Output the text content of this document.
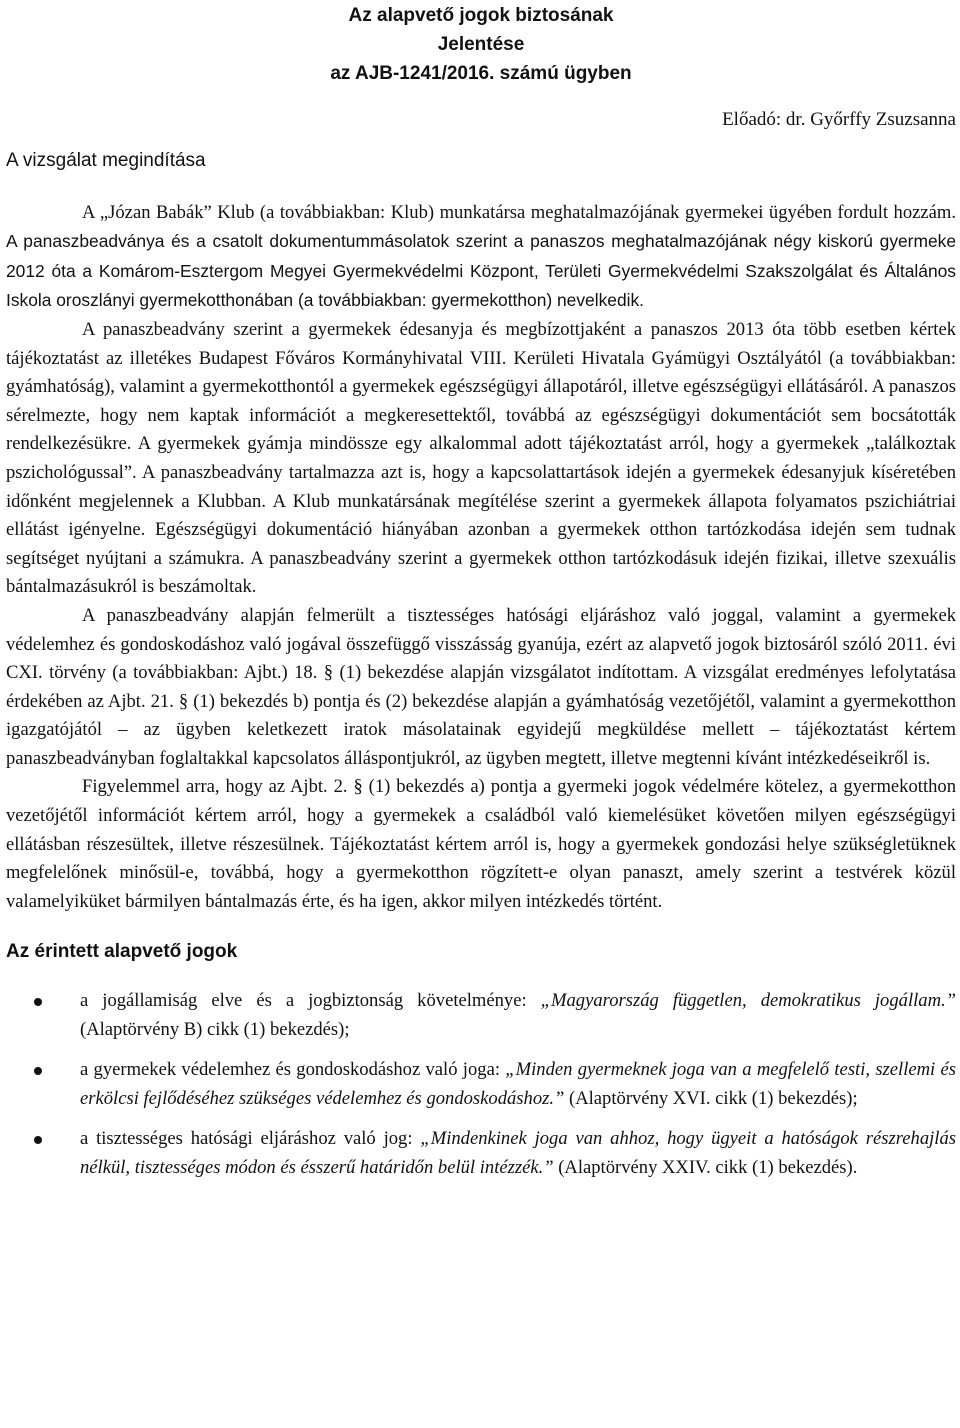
Az alapvető jogok biztosának
Jelentése
az AJB-1241/2016. számú ügyben
Előadó: dr. Győrffy Zsuzsanna
A vizsgálat megindítása

A „Józan Babák” Klub (a továbbiakban: Klub) munkatársa meghatalmazójának gyermekei ügyében fordult hozzám. A panaszbeadványa és a csatolt dokumentummásolatok szerint a panaszos meghatalmazójának négy kiskorú gyermeke 2012 óta a Komárom-Esztergom Megyei Gyermekvédelmi Központ, Területi Gyermekvédelmi Szakszolgálat és Általános Iskola oroszlányi gyermekotthonában (a továbbiakban: gyermekotthon) nevelkedik.

A panaszbeadvány szerint a gyermekek édesanyja és megbízottjaként a panaszos 2013 óta több esetben kértek tájékoztatást az illetékes Budapest Főváros Kormányhivatal VIII. Kerületi Hivatala Gyámügyi Osztályától (a továbbiakban: gyámhatóság), valamint a gyermekotthontól a gyermekek egészségügyi állapotáról, illetve egészségügyi ellátásáról. A panaszos sérelmezte, hogy nem kaptak információt a megkeresettektől, továbbá az egészségügyi dokumentációt sem bocsátották rendelkezésükre. A gyermekek gyámja mindössze egy alkalommal adott tájékoztatást arról, hogy a gyermekek „találkoztak pszichológussal”. A panaszbeadvány tartalmazza azt is, hogy a kapcsolattartások idején a gyermekek édesanyjuk kíséretében időnként megjelennek a Klubban. A Klub munkatársának megítélése szerint a gyermekek állapota folyamatos pszichiátriai ellátást igényelne. Egészségügyi dokumentáció hiányában azonban a gyermekek otthon tartózkodása idején sem tudnak segítséget nyújtani a számukra. A panaszbeadvány szerint a gyermekek otthon tartózkodásuk idején fizikai, illetve szexuális bántalmazásukról is beszámoltak.

A panaszbeadvány alapján felmerült a tisztességes hatósági eljáráshoz való joggal, valamint a gyermekek védelemhez és gondoskodáshoz való jogával összefüggő visszásság gyanúja, ezért az alapvető jogok biztosáról szóló 2011. évi CXI. törvény (a továbbiakban: Ajbt.) 18. § (1) bekezdése alapján vizsgálatot indítottam. A vizsgálat eredményes lefolytatása érdekében az Ajbt. 21. § (1) bekezdés b) pontja és (2) bekezdése alapján a gyámhatóság vezetőjétől, valamint a gyermekotthon igazgatójától – az ügyben keletkezett iratok másolatainak egyidejű megküldése mellett – tájékoztatást kértem panaszbeadványban foglaltakkal kapcsolatos álláspontjukról, az ügyben megtett, illetve megtenni kívánt intézkedéseikről is.

Figyelemmel arra, hogy az Ajbt. 2. § (1) bekezdés a) pontja a gyermeki jogok védelmére kötelez, a gyermekotthon vezetőjétől információt kértem arról, hogy a gyermekek a családból való kiemelésüket követően milyen egészségügyi ellátásban részesültek, illetve részesülnek. Tájékoztatást kértem arról is, hogy a gyermekek gondozási helye szükségletüknek megfelelőnek minősül-e, továbbá, hogy a gyermekotthon rögzített-e olyan panaszt, amely szerint a testvérek közül valamelyiküket bármilyen bántalmazás érte, és ha igen, akkor milyen intézkedés történt.

Az érintett alapvető jogok
a jogállamiság elve és a jogbiztonság követelménye: „Magyarország független, demokratikus jogállam.” (Alaptörvény B) cikk (1) bekezdés);
a gyermekek védelemhez és gondoskodáshoz való joga: „Minden gyermeknek joga van a megfelelő testi, szellemi és erkölcsi fejlődéséhez szükséges védelemhez és gondoskodáshoz.” (Alaptörvény XVI. cikk (1) bekezdés);
a tisztességes hatósági eljáráshoz való jog: „Mindenkinek joga van ahhoz, hogy ügyeit a hatóságok részrehajlás nélkül, tisztességes módon és ésszerű határidőn belül intézzék.” (Alaptörvény XXIV. cikk (1) bekezdés).
